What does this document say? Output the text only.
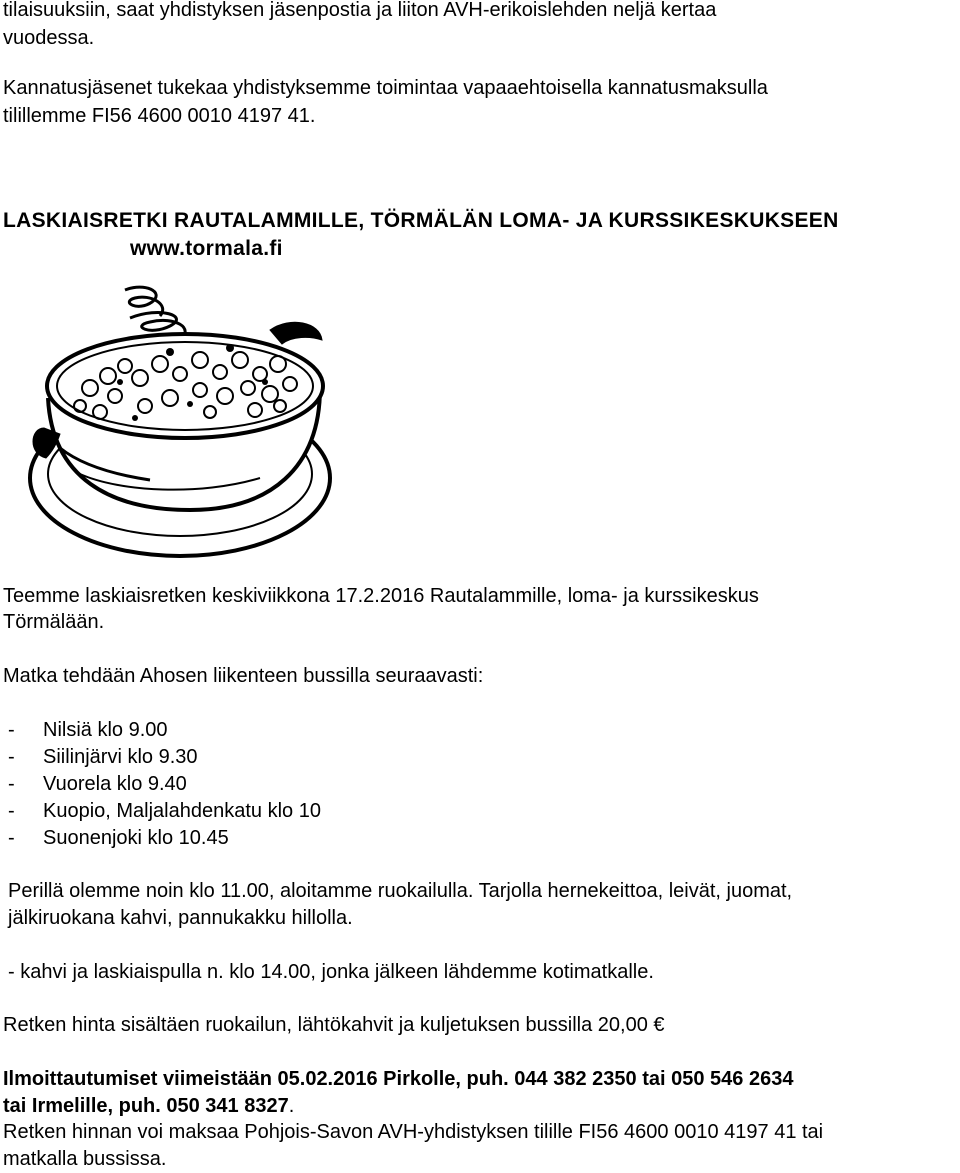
tilaisuuksiin, saat yhdistyksen jäsenpostia ja liiton AVH-erikoislehden neljä kertaa
vuodessa.
Kannatusjäsenet tukekaa yhdistyksemme toimintaa vapaaehtoisella kannatusmaksulla
tilillemme FI56 4600 0010 4197 41.
LASKIAISRETKI RAUTALAMMILLE, TÖRMÄLÄN LOMA- JA KURSSIKESKUKSEEN
www.tormala.fi
Teemme laskiaisretken keskiviikkona 17.2.2016 Rautalammille, loma- ja kurssikeskus
Törmälään.
Matka tehdään Ahosen liikenteen bussilla seuraavasti:
- Nilsiä klo 9.00
- Siilinjärvi klo 9.30
- Vuorela klo 9.40
- Kuopio, Maljalahdenkatu klo 10
- Suonenjoki klo 10.45
Perillä olemme noin klo 11.00, aloitamme ruokailulla. Tarjolla hernekeittoa, leivät, juomat,
jälkiruokana kahvi, pannukakku hillolla.
- kahvi ja laskiaispulla n. klo 14.00, jonka jälkeen lähdemme kotimatkalle.
Retken hinta sisältäen ruokailun, lähtökahvit ja kuljetuksen bussilla 20,00 €
Ilmoittautumiset viimeistään 05.02.2016 Pirkolle, puh. 044 382 2350 tai 050 546 2634
tai Irmelille, puh. 050 341 8327.
Retken hinnan voi maksaa Pohjois-Savon AVH-yhdistyksen tilille FI56 4600 0010 4197 41 tai
matkalla bussissa.
